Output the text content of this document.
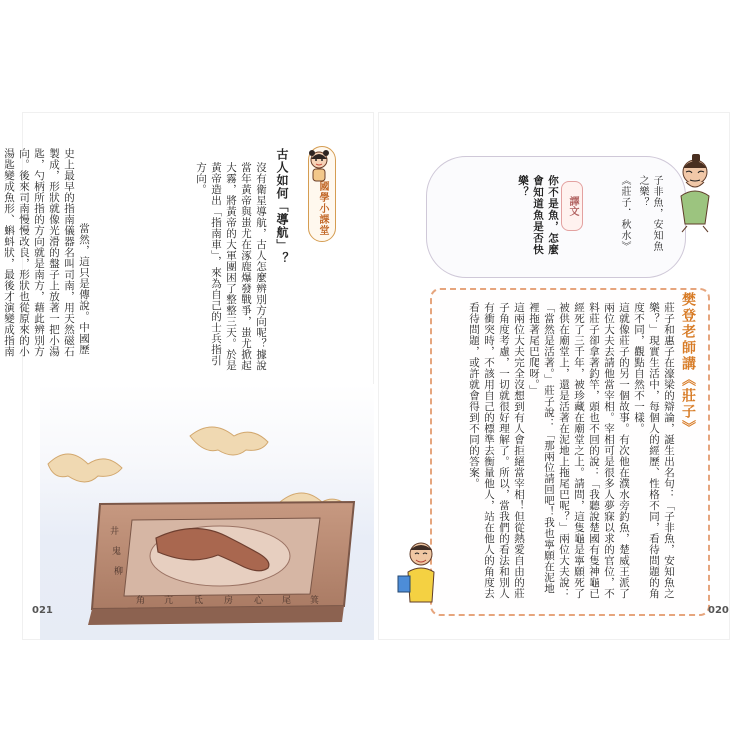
國學小課堂
古人如何「導航」？
沒有衛星導航，古人怎麼辨別方向呢？據說當年黃帝與蚩尤在涿鹿爆發戰爭，蚩尤掀起大霧，將黃帝的大軍團困了整整三天。於是黃帝造出「指南車」，來為自己的士兵指引方向。

當然，這只是傳說。中國歷史上最早的指南儀器名叫司南，用天然磁石製成，形狀就像光滑的盤子上放著一把小湯匙，勺柄所指的方向就是南方，藉此辨別方向。後來司南慢慢改良，形狀也從原來的小湯匙變成魚形、蝌蚪狀，最後才演變成指南

角 亢 氐 房 心 尾 箕
井
鬼
柳
021
《莊子．秋水》	子非魚，安知魚之樂？
譯文
你不是魚，怎麼會知道魚是否快樂？
樊登老師講《莊子》
莊子和惠子在濠梁的辯論，誕生出名句：「子非魚，安知魚之樂？」現實生活中，每個人的經歷、性格不同，看待問題的角度不同，觀點自然不一樣。
這就像莊子的另一個故事。有次他在濮水旁釣魚，楚威王派了兩位大夫去請他當宰相。宰相可是很多人夢寐以求的官位，不料莊子卻拿著釣竿，頭也不回的說：「我聽說楚國有隻神龜已經死了三千年，被珍藏在廟堂之上。請問，這隻龜是寧願死了被供在廟堂上，還是活著在泥地上拖尾巴呢？」兩位大夫說：「當然是活著。」莊子說：「那兩位請回吧！我也寧願在泥地裡拖著尾巴爬呀。」
這兩位大夫完全沒想到有人會拒絕當宰相！但從熱愛自由的莊子角度考慮，一切就很好理解了。所以，當我們的看法和別人有衝突時，不該用自己的標準去衡量他人，站在他人的角度去看待問題，或許就會得到不同的答案。
020
